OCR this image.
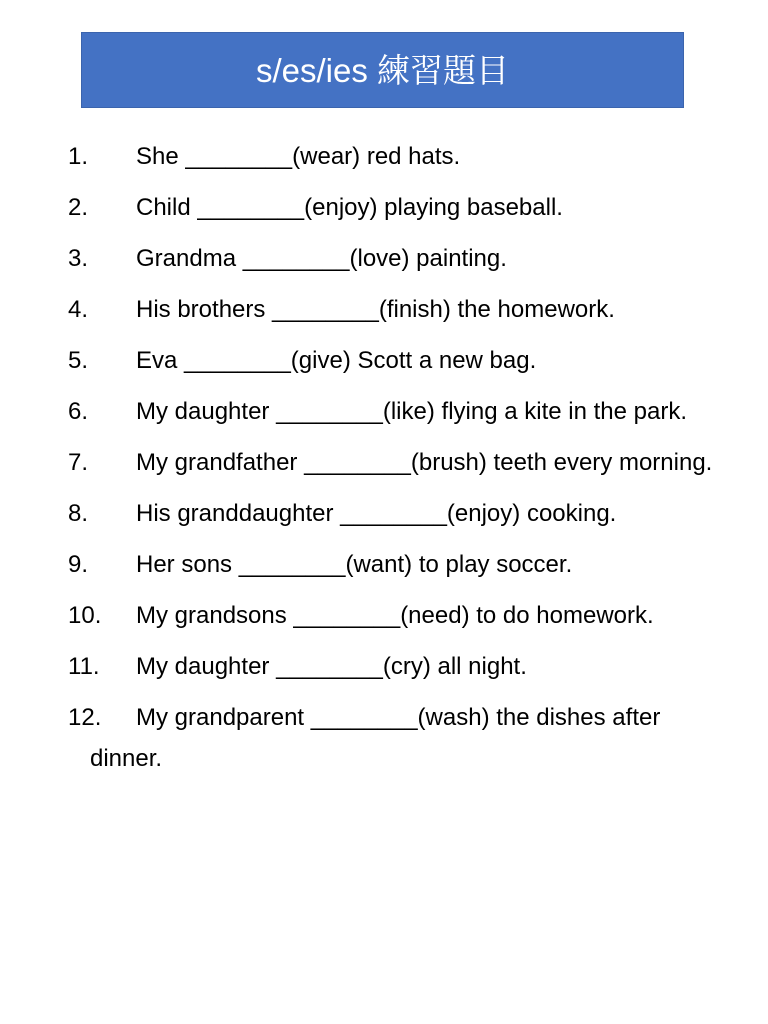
s/es/ies 練習題目
1. She ________(wear) red hats.
2. Child ________(enjoy) playing baseball.
3. Grandma ________(love) painting.
4. His brothers ________(finish) the homework.
5. Eva ________(give) Scott a new bag.
6. My daughter ________(like) flying a kite in the park.
7. My grandfather ________(brush) teeth every morning.
8. His granddaughter ________(enjoy) cooking.
9. Her sons ________(want) to play soccer.
10. My grandsons ________(need) to do homework.
11. My daughter ________(cry) all night.
12. My grandparent ________(wash) the dishes after dinner.
